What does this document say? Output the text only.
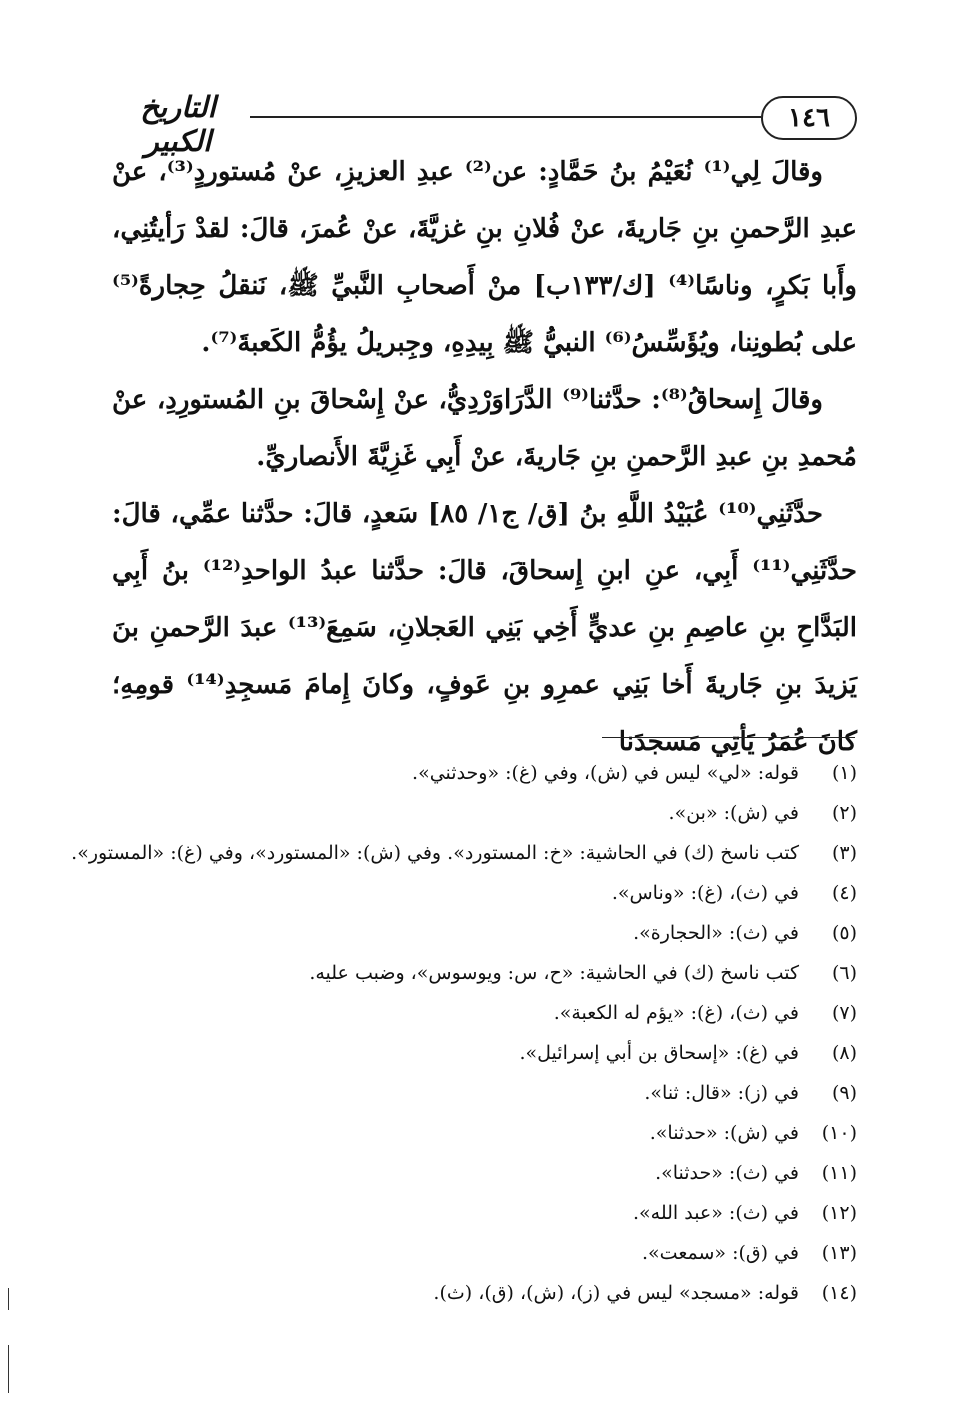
التاريخ الكبير
١٤٦

وقالَ لِي⁽¹⁾ نُعَيْمُ بنُ حَمَّادٍ: عن⁽²⁾ عبدِ العزيزِ، عنْ مُستوردٍ⁽³⁾، عنْ عبدِ الرَّحمنِ بنِ جَاريةَ، عنْ فُلانِ بنِ غزيَّةَ، عنْ عُمرَ، قالَ: لقدْ رَأيتُنِي، وأَبا بَكرٍ، وناسًا⁽⁴⁾ [ك/١٣٣ب] منْ أَصحابِ النَّبيِّ ﷺ، نَنقلُ حِجارةً⁽⁵⁾ على بُطونِنا، ويُؤَسِّسُ⁽⁶⁾ النبيُّ ﷺ بِيدِهِ، وجِبريلُ يؤُمُّ الكَعبةَ⁽⁷⁾.

وقالَ إِسحاقُ⁽⁸⁾: حدَّثنا⁽⁹⁾ الدَّرَاوَرْدِيُّ، عنْ إِسْحاقَ بنِ المُستورِدِ، عنْ مُحمدِ بنِ عبدِ الرَّحمنِ بنِ جَاريةَ، عنْ أَبِي غَزِيَّةَ الأَنصاريِّ.

حدَّثَنِي⁽¹⁰⁾ عُبَيْدُ اللَّهِ بنُ [ق/ ج١/ ٨٥] سَعدٍ، قالَ: حدَّثنا عمِّي، قالَ: حدَّثَنِي⁽¹¹⁾ أَبِي، عنِ ابنِ إِسحاقَ، قالَ: حدَّثنا عبدُ الواحدِ⁽¹²⁾ بنُ أَبِي البَدَّاحِ بنِ عاصِمِ بنِ عديٍّ أَخِي بَنِي العَجلانِ، سَمِعَ⁽¹³⁾ عبدَ الرَّحمنِ بنَ يَزيدَ بنِ جَاريةَ أَخا بَنِي عمرِو بنِ عَوفٍ، وكانَ إِمامَ مَسجِدِ⁽¹⁴⁾ قومِهِ؛ كانَ عُمَرُ يَأتِي مَسجدَنا

(١)قوله: «لي» ليس في (ش)، وفي (غ): «وحدثني».
(٢)في (ش): «بن».
(٣)كتب ناسخ (ك) في الحاشية: «خ: المستورد». وفي (ش): «المستورد»، وفي (غ): «المستور».
(٤)في (ث)، (غ): «وناس».
(٥)في (ث): «الحجارة».
(٦)كتب ناسخ (ك) في الحاشية: «ح، س: ويوسوس»، وضبب عليه.
(٧)في (ث)، (غ): «يؤم له الكعبة».
(٨)في (غ): «إسحاق بن أبي إسرائيل».
(٩)في (ز): «قال: ثنا».
(١٠)في (ش): «حدثنا».
(١١)في (ث): «حدثنا».
(١٢)في (ث): «عبد الله».
(١٣)في (ق): «سمعت».
(١٤)قوله: «مسجد» ليس في (ز)، (ش)، (ق)، (ث).
